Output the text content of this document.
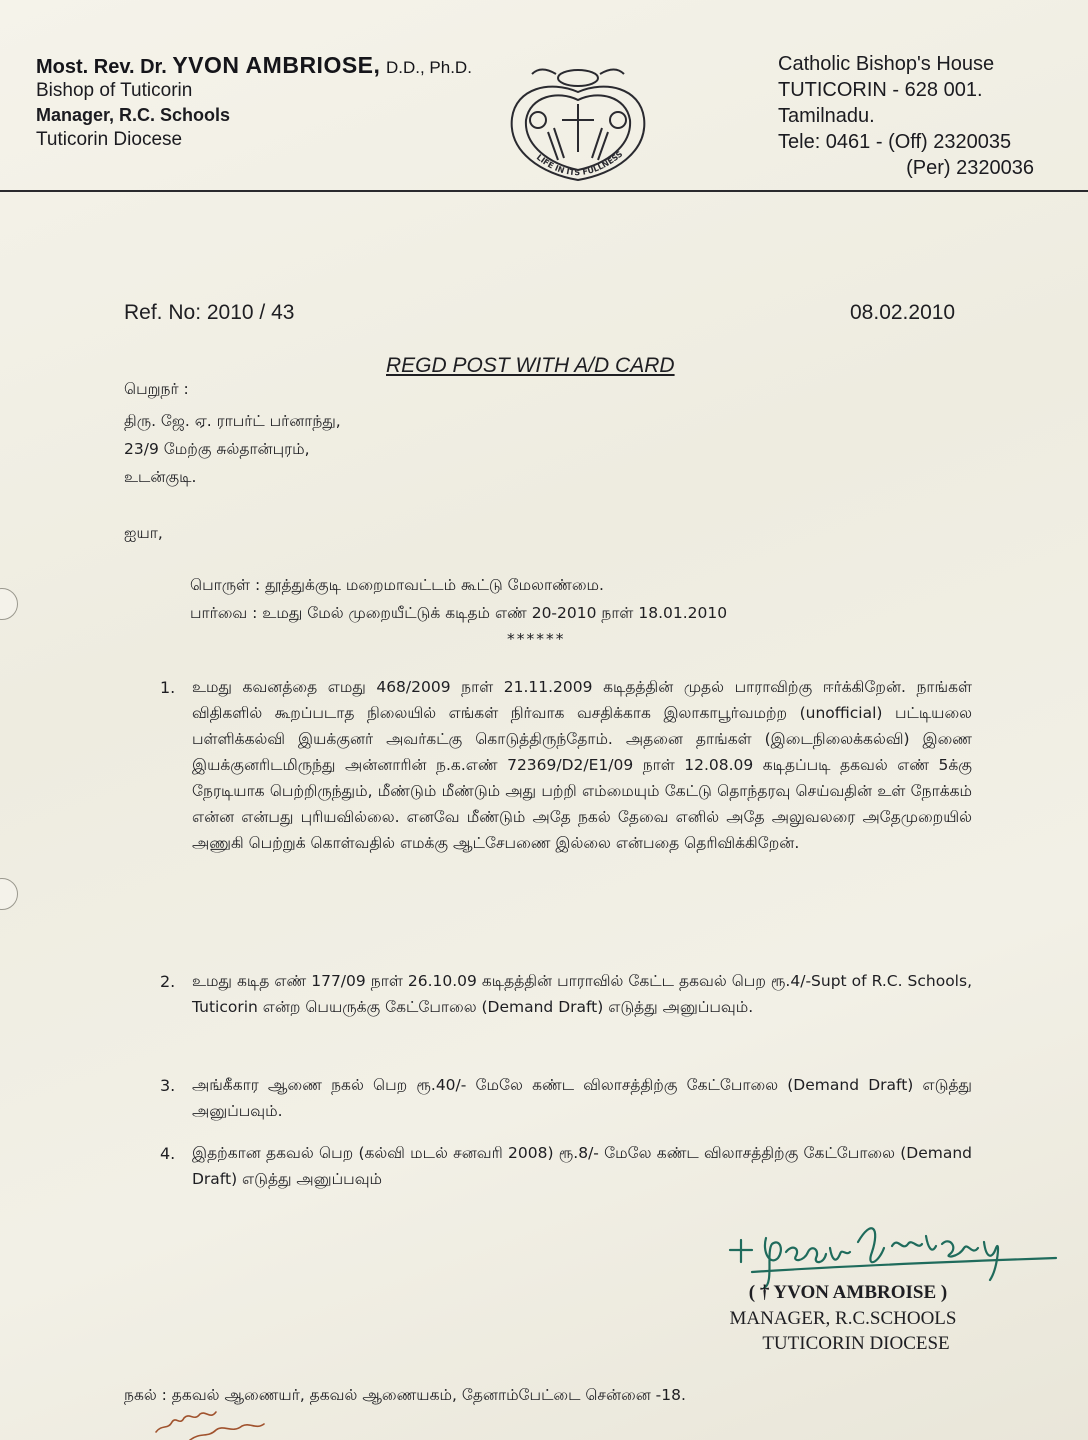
Most. Rev. Dr. YVON AMBRIOSE, D.D., Ph.D.
Bishop of Tuticorin
Manager, R.C. Schools
Tuticorin Diocese
LIFE IN ITS FULLNESS
Catholic Bishop's House
TUTICORIN - 628 001.
Tamilnadu.
Tele: 0461 - (Off) 2320035
(Per) 2320036
Ref. No: 2010 / 43	08.02.2010
REGD POST WITH A/D CARD
பெறுநர் :
திரு. ஜே. ஏ. ராபர்ட் பர்னாந்து,
23/9 மேற்கு சுல்தான்புரம்,
உடன்குடி.
ஐயா,
பொருள் : தூத்துக்குடி மறைமாவட்டம் கூட்டு மேலாண்மை.
பார்வை : உமது மேல் முறையீட்டுக் கடிதம் எண் 20-2010 நாள் 18.01.2010
******
1. உமது கவனத்தை எமது 468/2009 நாள் 21.11.2009 கடிதத்தின் முதல் பாராவிற்கு ஈர்க்கிறேன். நாங்கள் விதிகளில் கூறப்படாத நிலையில் எங்கள் நிர்வாக வசதிக்காக இலாகாபூர்வமற்ற (unofficial) பட்டியலை பள்ளிக்கல்வி இயக்குனர் அவர்கட்கு கொடுத்திருந்தோம். அதனை தாங்கள் (இடைநிலைக்கல்வி) இணை இயக்குனரிடமிருந்து அன்னாரின் ந.க.எண் 72369/D2/E1/09 நாள் 12.08.09 கடிதப்படி தகவல் எண் 5க்கு நேரடியாக பெற்றிருந்தும், மீண்டும் மீண்டும் அது பற்றி எம்மையும் கேட்டு தொந்தரவு செய்வதின் உள் நோக்கம் என்ன என்பது புரியவில்லை. எனவே மீண்டும் அதே நகல் தேவை எனில் அதே அலுவலரை அதேமுறையில் அணுகி பெற்றுக் கொள்வதில் எமக்கு ஆட்சேபணை இல்லை என்பதை தெரிவிக்கிறேன்.
2. உமது கடித எண் 177/09 நாள் 26.10.09 கடிதத்தின் பாராவில் கேட்ட தகவல் பெற ரூ.4/-Supt of R.C. Schools, Tuticorin என்ற பெயருக்கு கேட்போலை (Demand Draft) எடுத்து அனுப்பவும்.
3. அங்கீகார ஆணை நகல் பெற ரூ.40/- மேலே கண்ட விலாசத்திற்கு கேட்போலை (Demand Draft) எடுத்து அனுப்பவும்.
4. இதற்கான தகவல் பெற (கல்வி மடல் சனவரி 2008) ரூ.8/- மேலே கண்ட விலாசத்திற்கு கேட்போலை (Demand Draft) எடுத்து அனுப்பவும்
( † YVON AMBROISE )
MANAGER, R.C.SCHOOLS
TUTICORIN DIOCESE
நகல் : தகவல் ஆணையர், தகவல் ஆணையகம், தேனாம்பேட்டை சென்னை -18.
